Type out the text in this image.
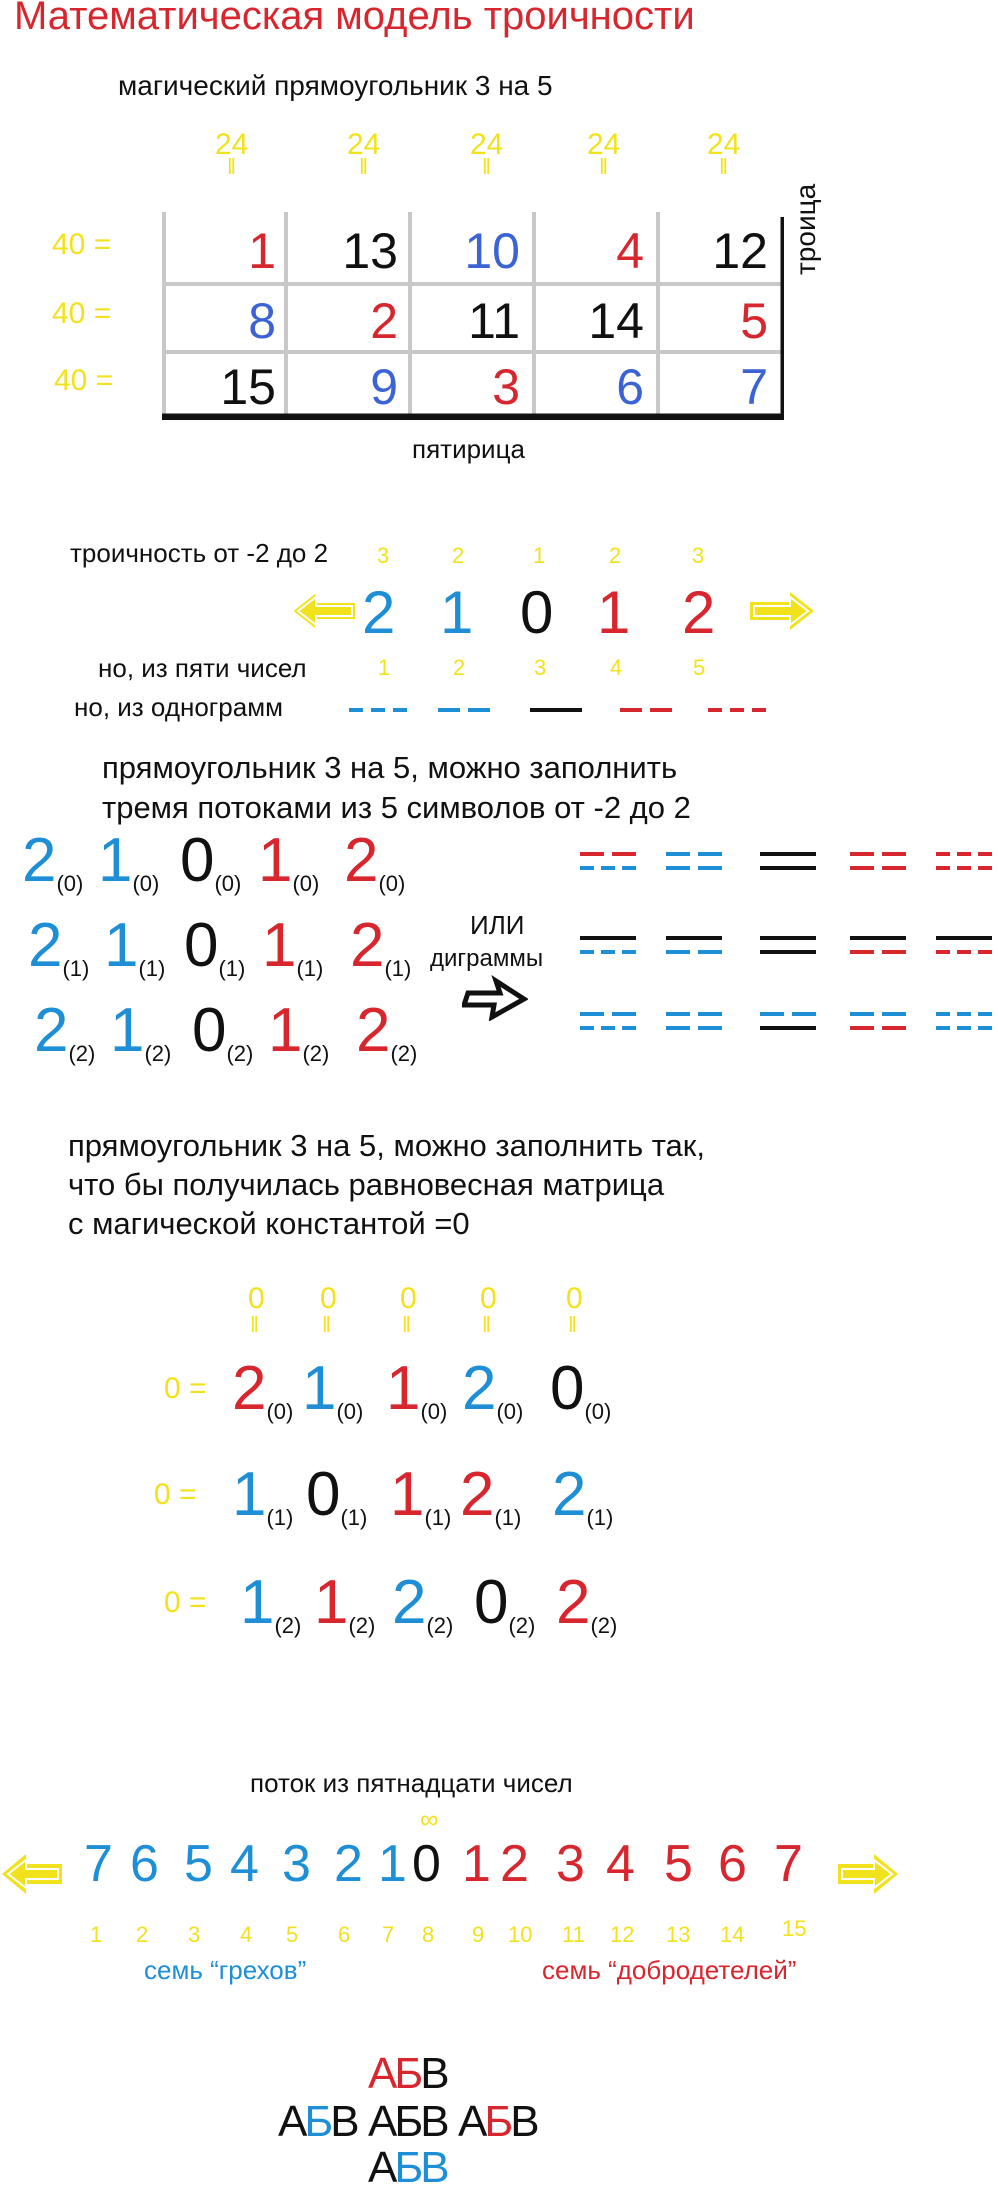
Математическая модель троичности
магический прямоугольник 3 на 5
24
‖
24
‖
24
‖
24
‖
24
‖
40 =
40 =
40 =
1 13 10 4 12
8 2 11 14 5
15 9 3 6 7
троица
пятирица
троичность от -2 до 2 3	2	1	2	3
2 1 0 1 2
1	2	3	4	5
но, из пяти чисел
но, из однограмм
прямоугольник 3 на 5, можно заполнить
тремя потоками из 5 символов от -2 до 2
2(0) 1(0) 0(0) 1(0) 2(0)
2(1) 1(1) 0(1) 1(1) 2(1)
2(2) 1(2) 0(2) 1(2) 2(2)
ИЛИ
диграммы
прямоугольник 3 на 5, можно заполнить так,
что бы получилась равновесная матрица
с магической константой =0
0
‖
0
‖
0
‖
0
‖
0
‖
0 = 2(0) 1(0) 1(0) 2(0) 0(0)
0 = 1(1) 0(1) 1(1) 2(1) 2(1)
0 = 1(2) 1(2) 2(2) 0(2) 2(2)
поток из пятнадцати чисел
∞
7 6 5 4 3 2 1 0 1 2 3 4 5 6 7
1 2 3 4 5 6 7 8 9 10 11 12 13 14 15
семь “грехов”	семь “добродетелей”
АБВ
АБВ АБВ АБВ
АБВ
